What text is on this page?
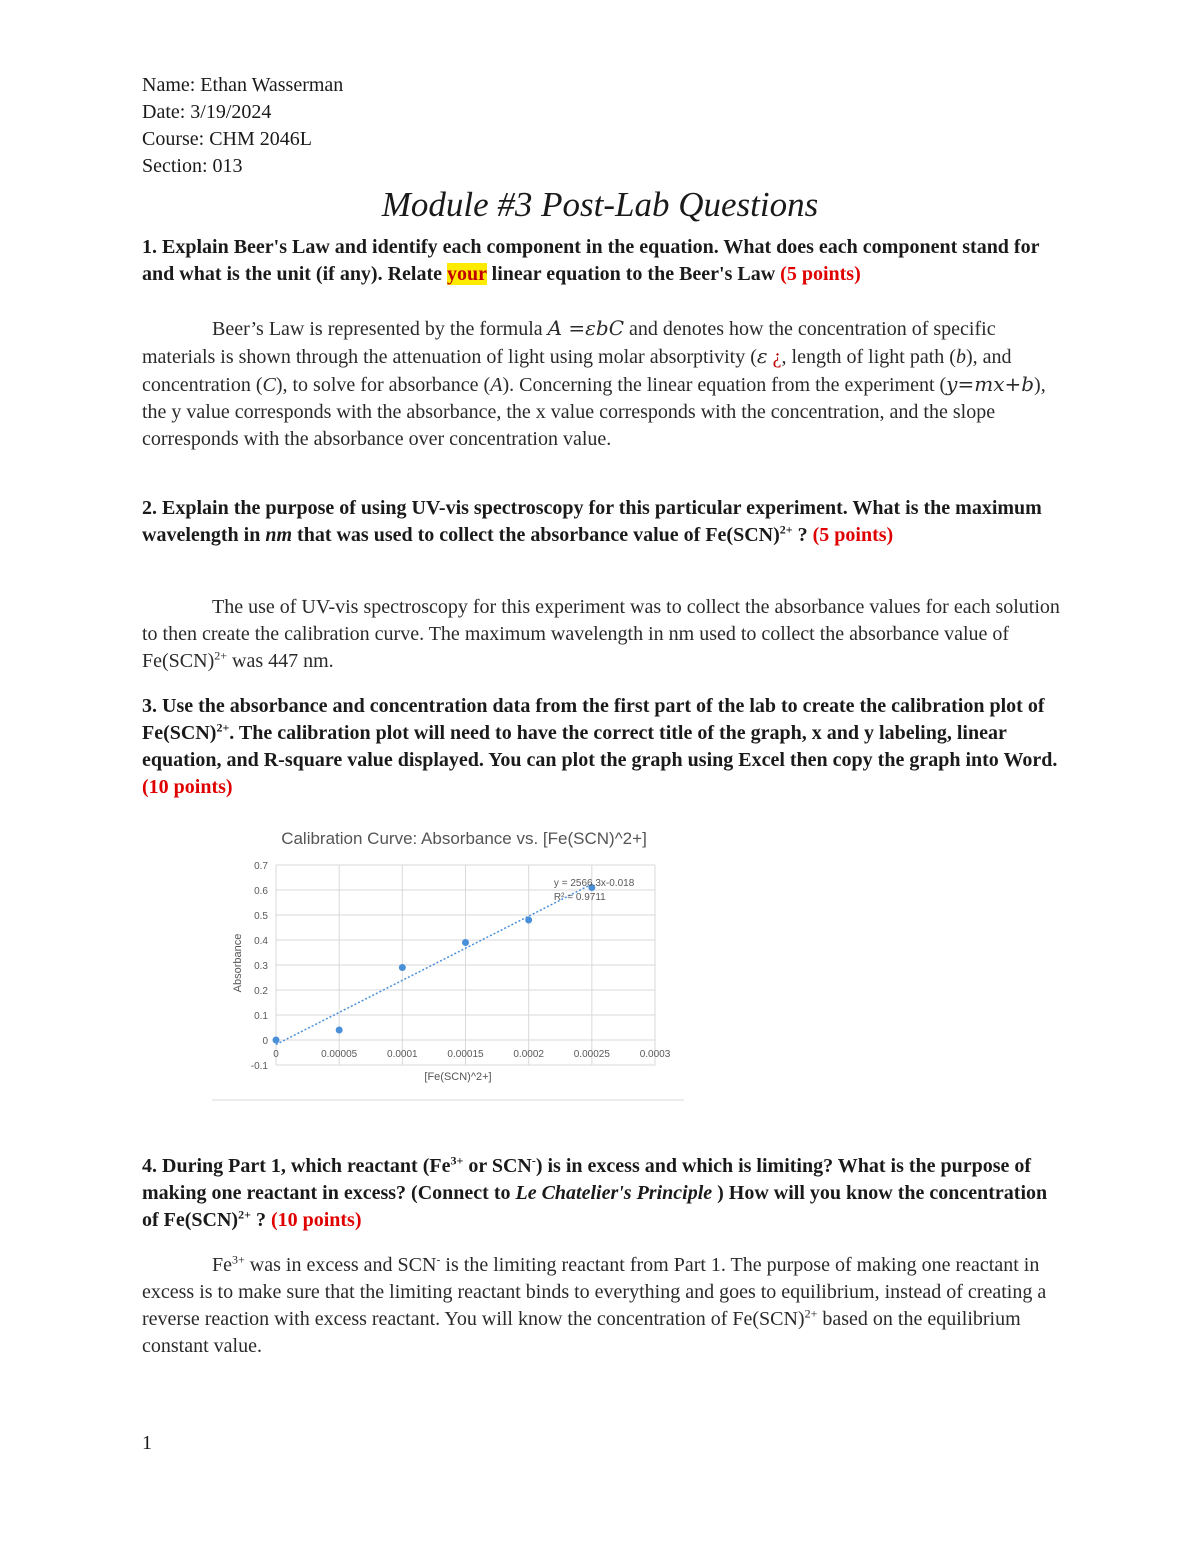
Name: Ethan Wasserman
Date: 3/19/2024
Course: CHM 2046L
Section: 013
Module #3 Post-Lab Questions

1. Explain Beer's Law and identify each component in the equation. What does each component stand for and what is the unit (if any). Relate your linear equation to the Beer's Law (5 points)

Beer’s Law is represented by the formula A =εbC and denotes how the concentration of specific materials is shown through the attenuation of light using molar absorptivity (ε ¿, length of light path (b), and concentration (C), to solve for absorbance (A). Concerning the linear equation from the experiment (y=mx+b), the y value corresponds with the absorbance, the x value corresponds with the concentration, and the slope corresponds with the absorbance over concentration value.

2. Explain the purpose of using UV-vis spectroscopy for this particular experiment. What is the maximum wavelength in nm that was used to collect the absorbance value of Fe(SCN)$^{2+}$ ? (5 points)

The use of UV-vis spectroscopy for this experiment was to collect the absorbance values for each solution to then create the calibration curve. The maximum wavelength in nm used to collect the absorbance value of Fe(SCN)$^{2+}$ was 447 nm.

3. Use the absorbance and concentration data from the first part of the lab to create the calibration plot of Fe(SCN)$^{2+}$. The calibration plot will need to have the correct title of the graph, x and y labeling, linear equation, and R-square value displayed. You can plot the graph using Excel then copy the graph into Word. (10 points)

Calibration Curve: Absorbance vs. [Fe(SCN)^2+]
Absorbance
[Fe(SCN)^2+]
-0.1
0
0.1
0.2
0.3
0.4
0.5
0.6
0.7
0	0.00005	0.0001	0.00015	0.0002	0.00025	0.0003
y = 2566.3x-0.018
R² = 0.9711

4. During Part 1, which reactant ($Fe^{3+}$ or SCN-) is in excess and which is limiting? What is the purpose of making one reactant in excess? (Connect to Le Chatelier's Principle ) How will you know the concentration of Fe(SCN)$^{2+}$ ? (10 points)

$Fe^{3+}$ was in excess and SCN- is the limiting reactant from Part 1. The purpose of making one reactant in excess is to make sure that the limiting reactant binds to everything and goes to equilibrium, instead of creating a reverse reaction with excess reactant. You will know the concentration of Fe(SCN)$^{2+}$ based on the equilibrium constant value.

1
